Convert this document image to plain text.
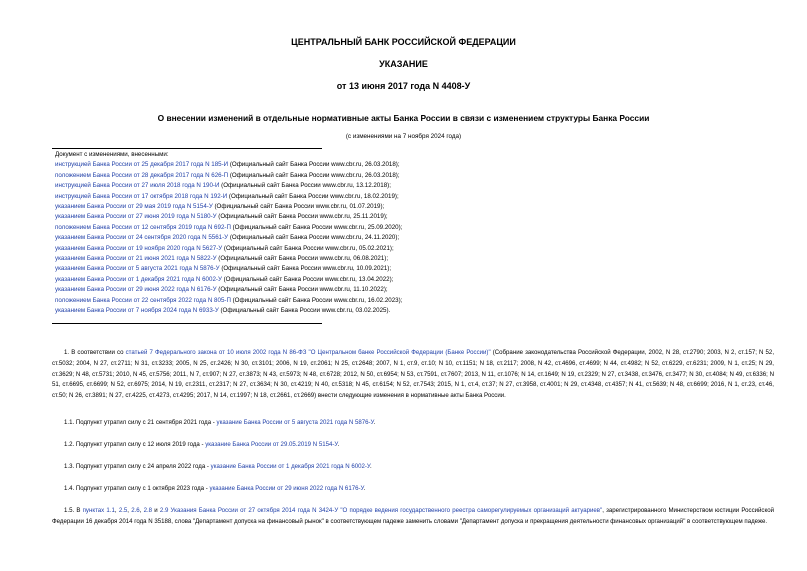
ЦЕНТРАЛЬНЫЙ БАНК РОССИЙСКОЙ ФЕДЕРАЦИИ
УКАЗАНИЕ
от 13 июня 2017 года N 4408-У
О внесении изменений в отдельные нормативные акты Банка России в связи с изменением структуры Банка России
(с изменениями на 7 ноября 2024 года)
Документ с изменениями, внесенными:
инструкцией Банка России от 25 декабря 2017 года N 185-И (Официальный сайт Банка России www.cbr.ru, 26.03.2018);
положением Банка России от 28 декабря 2017 года N 626-П (Официальный сайт Банка России www.cbr.ru, 26.03.2018);
инструкцией Банка России от 27 июля 2018 года N 190-И (Официальный сайт Банка России www.cbr.ru, 13.12.2018);
инструкцией Банка России от 17 октября 2018 года N 192-И (Официальный сайт Банка России www.cbr.ru, 18.02.2019);
указанием Банка России от 29 мая 2019 года N 5154-У (Официальный сайт Банка России www.cbr.ru, 01.07.2019);
указанием Банка России от 27 июня 2019 года N 5180-У (Официальный сайт Банка России www.cbr.ru, 25.11.2019);
положением Банка России от 12 сентября 2019 года N 692-П (Официальный сайт Банка России www.cbr.ru, 25.09.2020);
указанием Банка России от 24 сентября 2020 года N 5561-У (Официальный сайт Банка России www.cbr.ru, 24.11.2020);
указанием Банка России от 19 ноября 2020 года N 5627-У (Официальный сайт Банка России www.cbr.ru, 05.02.2021);
указанием Банка России от 21 июня 2021 года N 5822-У (Официальный сайт Банка России www.cbr.ru, 06.08.2021);
указанием Банка России от 5 августа 2021 года N 5876-У (Официальный сайт Банка России www.cbr.ru, 10.09.2021);
указанием Банка России от 1 декабря 2021 года N 6002-У (Официальный сайт Банка России www.cbr.ru, 13.04.2022);
указанием Банка России от 29 июня 2022 года N 6176-У (Официальный сайт Банка России www.cbr.ru, 11.10.2022);
положением Банка России от 22 сентября 2022 года N 805-П (Официальный сайт Банка России www.cbr.ru, 16.02.2023);
указанием Банка России от 7 ноября 2024 года N 6933-У (Официальный сайт Банка России www.cbr.ru, 03.02.2025).
1. В соответствии со статьей 7 Федерального закона от 10 июля 2002 года N 86-ФЗ "О Центральном банке Российской Федерации (Банке России)" (Собрание законодательства Российской Федерации, 2002, N 28, ст.2790; 2003, N 2, ст.157; N 52, ст.5032; 2004, N 27, ст.2711; N 31, ст.3233; 2005, N 25, ст.2426; N 30, ст.3101; 2006, N 19, ст.2061; N 25, ст.2648; 2007, N 1, ст.9, ст.10; N 10, ст.1151; N 18, ст.2117; 2008, N 42, ст.4696, ст.4699; N 44, ст.4982; N 52, ст.6229, ст.6231; 2009, N 1, ст.25; N 29, ст.3629; N 48, ст.5731; 2010, N 45, ст.5756; 2011, N 7, ст.907; N 27, ст.3873; N 43, ст.5973; N 48, ст.6728; 2012, N 50, ст.6954; N 53, ст.7591, ст.7607; 2013, N 11, ст.1076; N 14, ст.1649; N 19, ст.2329; N 27, ст.3438, ст.3476, ст.3477; N 30, ст.4084; N 49, ст.6336; N 51, ст.6695, ст.6699; N 52, ст.6975; 2014, N 19, ст.2311, ст.2317; N 27, ст.3634; N 30, ст.4219; N 40, ст.5318; N 45, ст.6154; N 52, ст.7543; 2015, N 1, ст.4, ст.37; N 27, ст.3958, ст.4001; N 29, ст.4348, ст.4357; N 41, ст.5639; N 48, ст.6699; 2016, N 1, ст.23, ст.46, ст.50; N 26, ст.3891; N 27, ст.4225, ст.4273, ст.4295; 2017, N 14, ст.1997; N 18, ст.2661, ст.2669) внести следующие изменения в нормативные акты Банка России.
1.1. Подпункт утратил силу с 21 сентября 2021 года - указание Банка России от 5 августа 2021 года N 5876-У.
1.2. Подпункт утратил силу с 12 июля 2019 года - указание Банка России от 29.05.2019 N 5154-У.
1.3. Подпункт утратил силу с 24 апреля 2022 года - указание Банка России от 1 декабря 2021 года N 6002-У.
1.4. Подпункт утратил силу с 1 октября 2023 года - указание Банка России от 29 июня 2022 года N 6176-У.
1.5. В пунктах 1.1, 2.5, 2.6, 2.8 и 2.9 Указания Банка России от 27 октября 2014 года N 3424-У "О порядке ведения государственного реестра саморегулируемых организаций актуариев", зарегистрированного Министерством юстиции Российской Федерации 16 декабря 2014 года N 35188, слова "Департамент допуска на финансовый рынок" в соответствующем падеже заменить словами "Департамент допуска и прекращения деятельности финансовых организаций" в соответствующем падеже.
